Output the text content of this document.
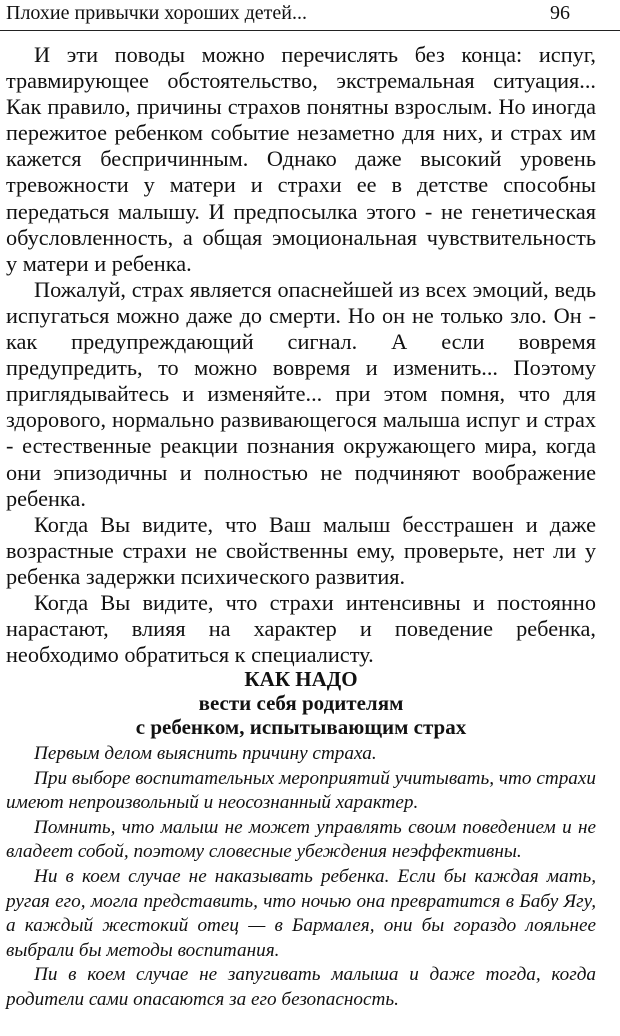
Плохие привычки хороших детей...	96

И эти поводы можно перечислять без конца: испуг, травмирующее обстоятельство, экстремальная ситуация... Как правило, причины страхов понятны взрослым. Но иногда пережитое ребенком событие незаметно для них, и страх им кажется беспричинным. Однако даже высокий уровень тревожности у матери и страхи ее в детстве способны передаться малышу. И предпосылка этого - не генетическая обусловленность, а общая эмоциональная чувствительность у матери и ребенка.

Пожалуй, страх является опаснейшей из всех эмоций, ведь испугаться можно даже до смерти. Но он не только зло. Он - как предупреждающий сигнал. А если вовремя предупредить, то можно вовремя и изменить... Поэтому приглядывайтесь и изменяйте... при этом помня, что для здорового, нормально развивающегося малыша испуг и страх - естественные реакции познания окружающего мира, когда они эпизодичны и полностью не подчиняют воображение ребенка.

Когда Вы видите, что Ваш малыш бесстрашен и даже возрастные страхи не свойственны ему, проверьте, нет ли у ребенка задержки психического развития.

Когда Вы видите, что страхи интенсивны и постоянно нарастают, влияя на характер и поведение ребенка, необходимо обратиться к специалисту.

КАК НАДО
вести себя родителям
с ребенком, испытывающим страх

Первым делом выяснить причину страха.

При выборе воспитательных мероприятий учитывать, что страхи имеют непроизвольный и неосознанный характер.

Помнить, что малыш не может управлять своим поведением и не владеет собой, поэтому словесные убеждения неэффективны.

Ни в коем случае не наказывать ребенка. Если бы каждая мать, ругая его, могла представить, что ночью она превратится в Бабу Ягу, а каждый жестокий отец — в Бармалея, они бы гораздо лояльнее выбрали бы методы воспитания.

Пи в коем случае не запугивать малыша и даже тогда, когда родители сами опасаются за его безопасность.
